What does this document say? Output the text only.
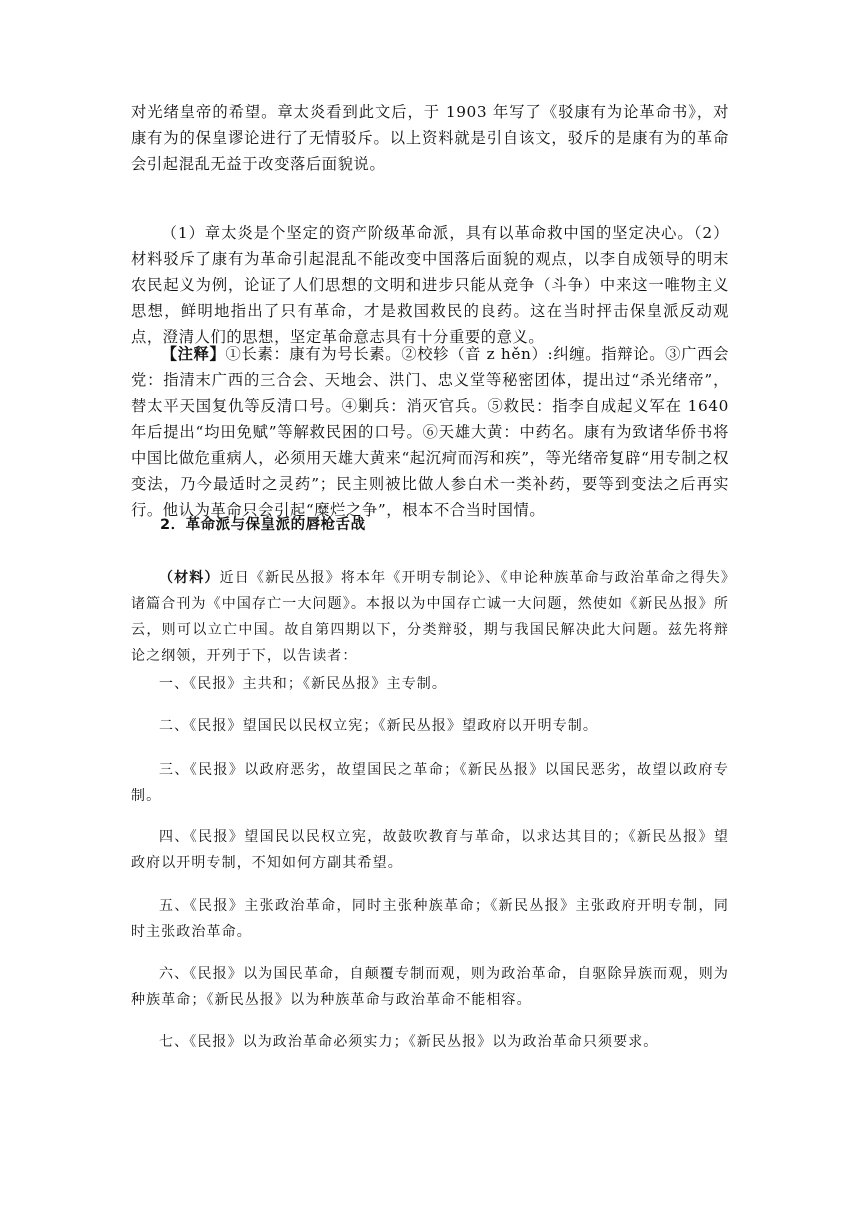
对光绪皇帝的希望。章太炎看到此文后，于 1903 年写了《驳康有为论革命书》，对康有为的保皇谬论进行了无情驳斥。以上资料就是引自该文，驳斥的是康有为的革命会引起混乱无益于改变落后面貌说。

（1）章太炎是个坚定的资产阶级革命派，具有以革命救中国的坚定决心。（2）材料驳斥了康有为革命引起混乱不能改变中国落后面貌的观点，以李自成领导的明末农民起义为例，论证了人们思想的文明和进步只能从竞争（斗争）中来这一唯物主义思想，鲜明地指出了只有革命，才是救国救民的良药。这在当时抨击保皇派反动观点，澄清人们的思想，坚定革命意志具有十分重要的意义。

【注释】①长素：康有为号长素。②校轸（音 z hěn）:纠缠。指辩论。③广西会党：指清末广西的三合会、天地会、洪门、忠义堂等秘密团体，提出过“杀光绪帝”，替太平天国复仇等反清口号。④剿兵：消灭官兵。⑤救民：指李自成起义军在 1640 年后提出“均田免赋”等解救民困的口号。⑥天雄大黄：中药名。康有为致诸华侨书将中国比做危重病人，必须用天雄大黄来“起沉疴而泻和疾”，等光绪帝复辟“用专制之权变法，乃今最适时之灵药”；民主则被比做人参白术一类补药，要等到变法之后再实行。他认为革命只会引起“糜烂之争”，根本不合当时国情。

2．革命派与保皇派的唇枪舌战

（材料）近日《新民丛报》将本年《开明专制论》、《申论种族革命与政治革命之得失》诸篇合刊为《中国存亡一大问题》。本报以为中国存亡诚一大问题，然使如《新民丛报》所云，则可以立亡中国。故自第四期以下，分类辩驳，期与我国民解决此大问题。兹先将辩论之纲领，开列于下，以告读者：

一、《民报》主共和；《新民丛报》主专制。

二、《民报》望国民以民权立宪；《新民丛报》望政府以开明专制。

三、《民报》以政府恶劣，故望国民之革命；《新民丛报》以国民恶劣，故望以政府专制。

四、《民报》望国民以民权立宪，故鼓吹教育与革命，以求达其目的；《新民丛报》望政府以开明专制，不知如何方副其希望。

五、《民报》主张政治革命，同时主张种族革命；《新民丛报》主张政府开明专制，同时主张政治革命。

六、《民报》以为国民革命，自颠覆专制而观，则为政治革命，自驱除异族而观，则为种族革命；《新民丛报》以为种族革命与政治革命不能相容。

七、《民报》以为政治革命必须实力；《新民丛报》以为政治革命只须要求。
